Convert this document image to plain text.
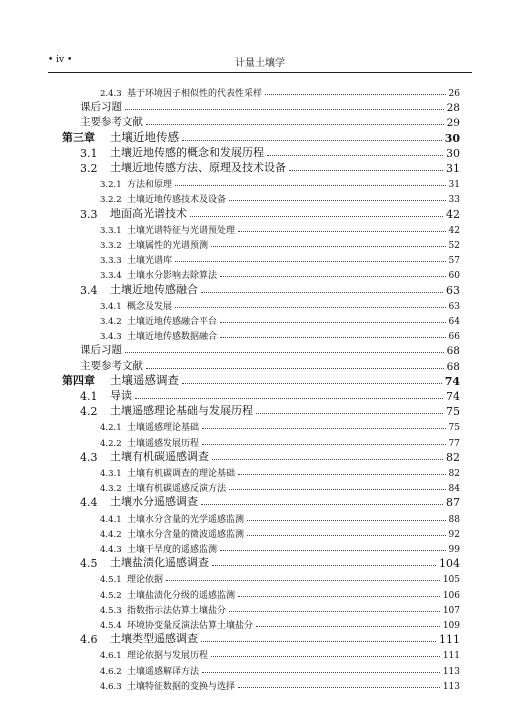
• iv •	计量土壤学
2.4.3 基于环境因子相似性的代表性采样	26
课后习题	28
主要参考文献	29
第三章	土壤近地传感	30
3.1	土壤近地传感的概念和发展历程	30
3.2	土壤近地传感方法、原理及技术设备	31
3.2.1 方法和原理	31
3.2.2 土壤近地传感技术及设备	33
3.3	地面高光谱技术	42
3.3.1 土壤光谱特征与光谱预处理	42
3.3.2 土壤属性的光谱预测	52
3.3.3 土壤光谱库	57
3.3.4 土壤水分影响去除算法	60
3.4	土壤近地传感融合	63
3.4.1 概念及发展	63
3.4.2 土壤近地传感融合平台	64
3.4.3 土壤近地传感数据融合	66
课后习题	68
主要参考文献	68
第四章	土壤遥感调查	74
4.1	导读	74
4.2	土壤遥感理论基础与发展历程	75
4.2.1 土壤遥感理论基础	75
4.2.2 土壤遥感发展历程	77
4.3	土壤有机碳遥感调查	82
4.3.1 土壤有机碳调查的理论基础	82
4.3.2 土壤有机碳遥感反演方法	84
4.4	土壤水分遥感调查	87
4.4.1 土壤水分含量的光学遥感监测	88
4.4.2 土壤水分含量的微波遥感监测	92
4.4.3 土壤干旱度的遥感监测	99
4.5	土壤盐渍化遥感调查	104
4.5.1 理论依据	105
4.5.2 土壤盐渍化分级的遥感监测	106
4.5.3 指数指示法估算土壤盐分	107
4.5.4 环境协变量反演法估算土壤盐分	109
4.6	土壤类型遥感调查	111
4.6.1 理论依据与发展历程	111
4.6.2 土壤遥感解译方法	113
4.6.3 土壤特征数据的变换与选择	113
